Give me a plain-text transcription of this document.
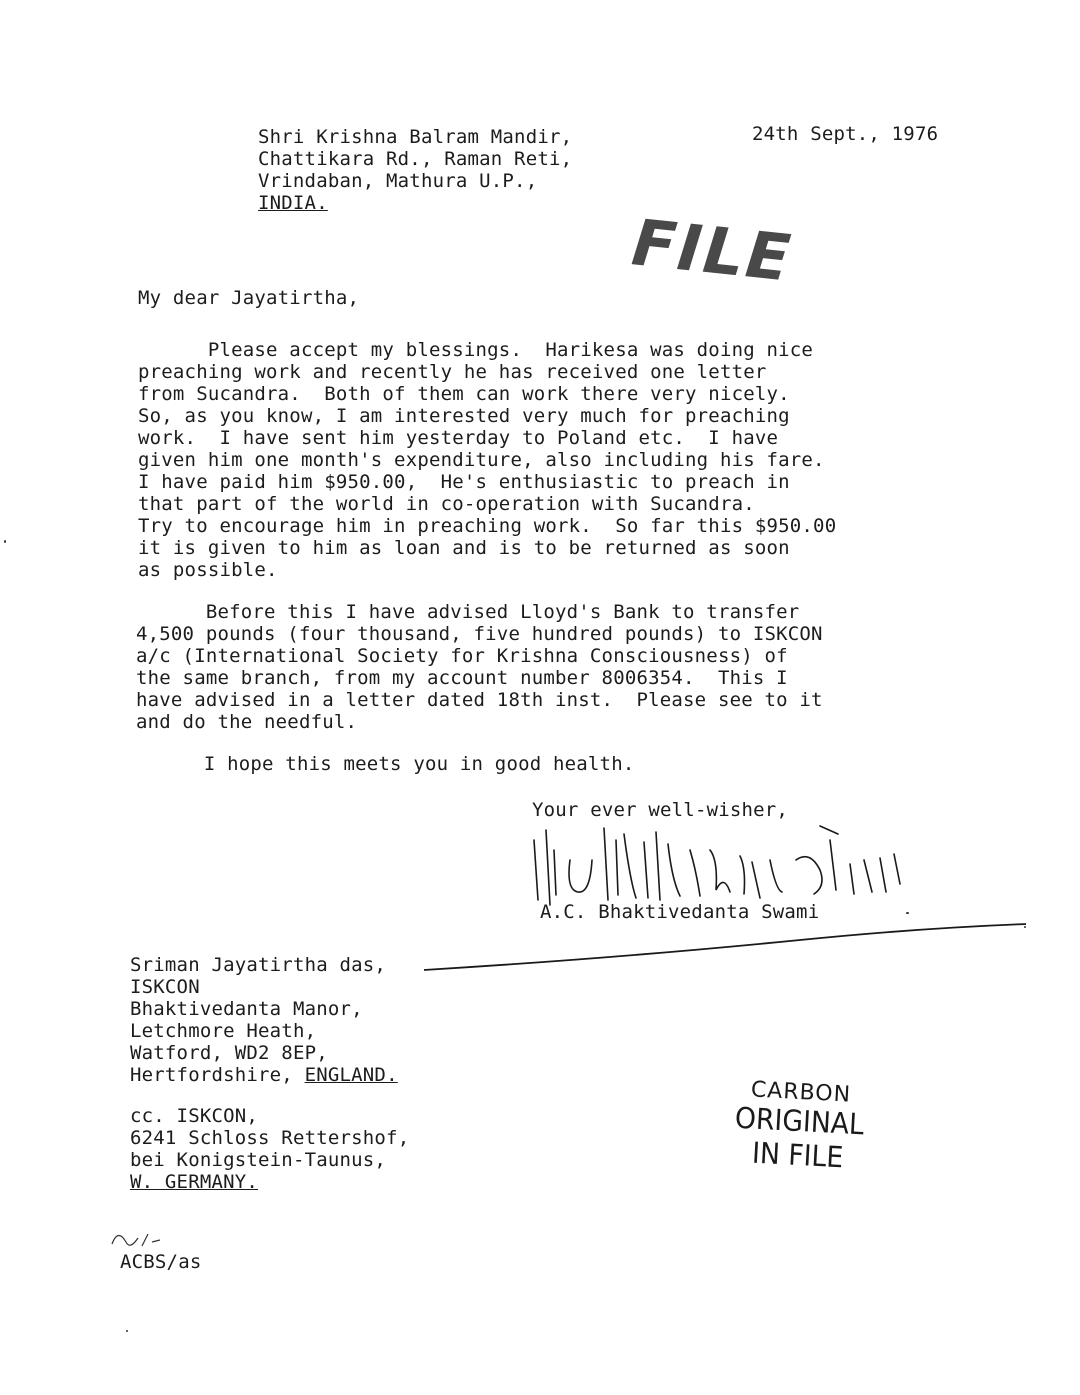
Shri Krishna Balram Mandir,

Chattikara Rd., Raman Reti,

Vrindaban, Mathura U.P.,

INDIA.

24th Sept., 1976

FILE

My dear Jayatirtha,

Please accept my blessings.  Harikesa was doing nice

preaching work and recently he has received one letter

from Sucandra.  Both of them can work there very nicely.

So, as you know, I am interested very much for preaching

work.  I have sent him yesterday to Poland etc.  I have

given him one month's expenditure, also including his fare.

I have paid him $950.00,  He's enthusiastic to preach in

that part of the world in co-operation with Sucandra.

Try to encourage him in preaching work.  So far this $950.00

it is given to him as loan and is to be returned as soon

as possible.

Before this I have advised Lloyd's Bank to transfer

4,500 pounds (four thousand, five hundred pounds) to ISKCON

a/c (International Society for Krishna Consciousness) of

the same branch, from my account number 8006354.  This I

have advised in a letter dated 18th inst.  Please see to it

and do the needful.

I hope this meets you in good health.

Your ever well-wisher,

A.C. Bhaktivedanta Swami

Sriman Jayatirtha das,

ISKCON

Bhaktivedanta Manor,

Letchmore Heath,

Watford, WD2 8EP,

Hertfordshire, ENGLAND.

cc. ISKCON,

6241 Schloss Rettershof,

bei Konigstein-Taunus,

W. GERMANY.

CARBON
ORIGINAL
IN FILE

ACBS/as
